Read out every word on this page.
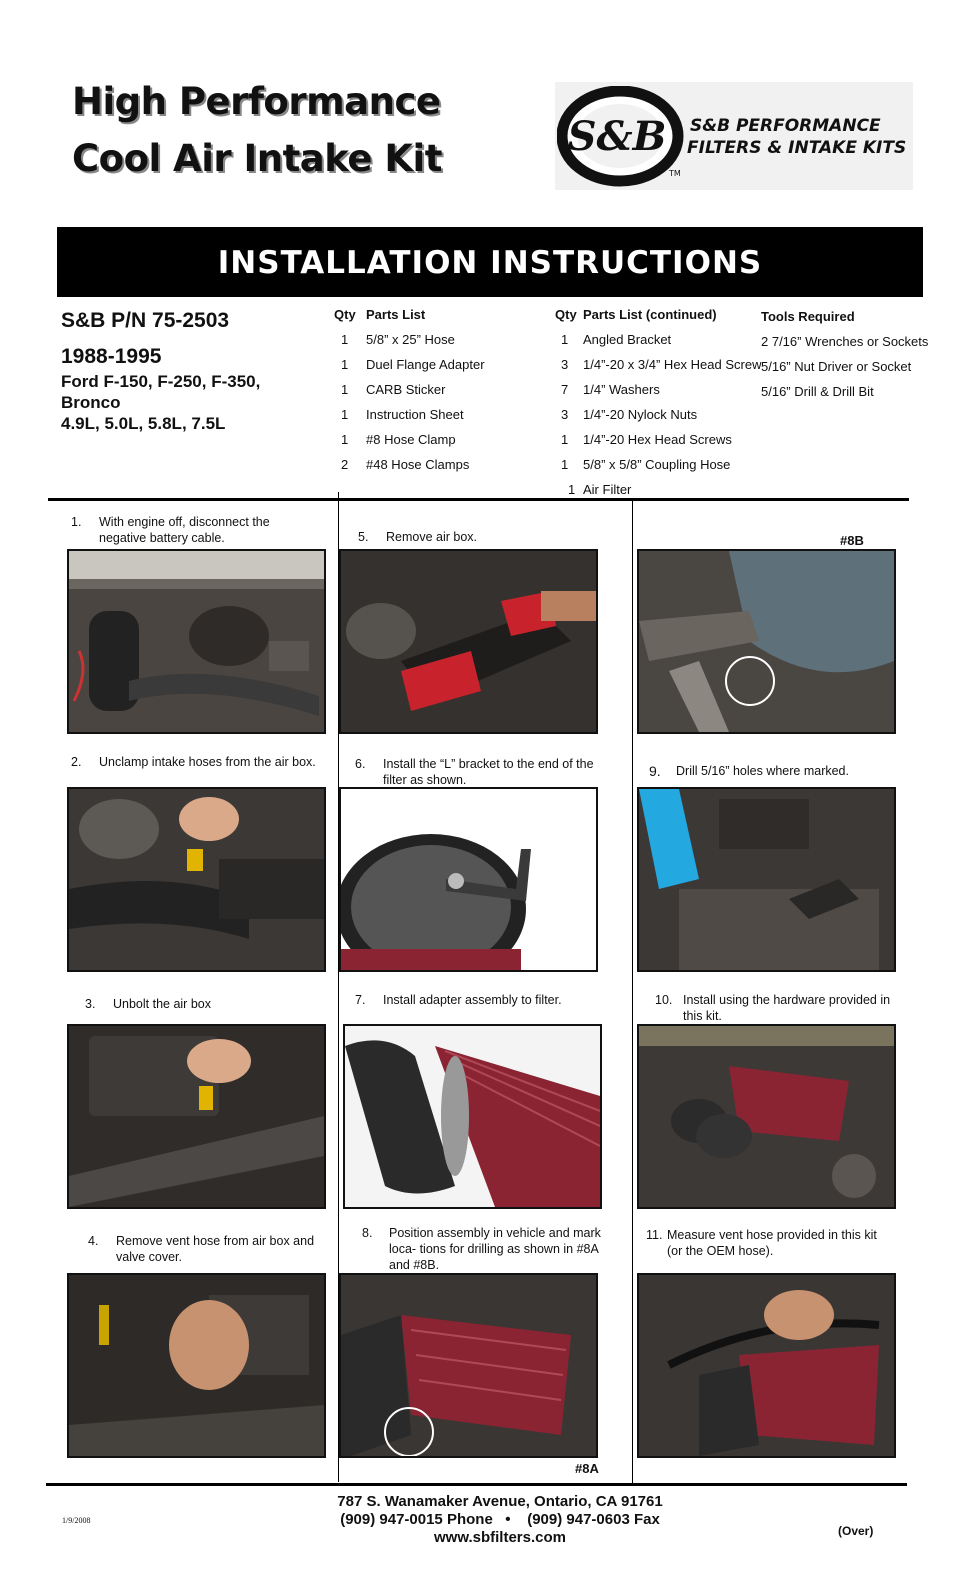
High Performance
Cool Air Intake Kit	S&B
TM
S&B PERFORMANCE
FILTERS & INTAKE KITS
INSTALLATION INSTRUCTIONS
S&B P/N 75-2503
1988-1995
Ford F-150, F-250, F-350,
Bronco
4.9L, 5.0L, 5.8L, 7.5L
Qty Parts List
1 5/8” x 25” Hose
1 Duel Flange Adapter
1 CARB Sticker
1 Instruction Sheet
1 #8 Hose Clamp
2 #48 Hose Clamps
Qty Parts List (continued)
1 Angled Bracket
3 1/4”-20 x 3/4” Hex Head Screw
7 1/4” Washers
3 1/4”-20 Nylock Nuts
1 1/4”-20 Hex Head Screws
1 5/8” x 5/8” Coupling Hose
1 Air Filter
Tools Required
2 7/16” Wrenches or Sockets
5/16” Nut Driver or Socket
5/16” Drill & Drill Bit
1. With engine off, disconnect the negative battery cable.
2. Unclamp intake hoses from the air box.
3. Unbolt the air box
4. Remove vent hose from air box and valve cover.
5. Remove air box.
6. Install the “L” bracket to the end of the filter as shown.
7. Install adapter assembly to filter.
8. Position assembly in vehicle and mark loca- tions for drilling as shown in #8A and #8B.
#8A
#8B
9. Drill 5/16” holes where marked.
10. Install using the hardware provided in this kit.
11. Measure vent hose provided in this kit (or the OEM hose).
787 S. Wanamaker Avenue, Ontario, CA 91761
(909) 947-0015 Phone   •    (909) 947-0603 Fax
www.sbfilters.com
1/9/2008
(Over)
